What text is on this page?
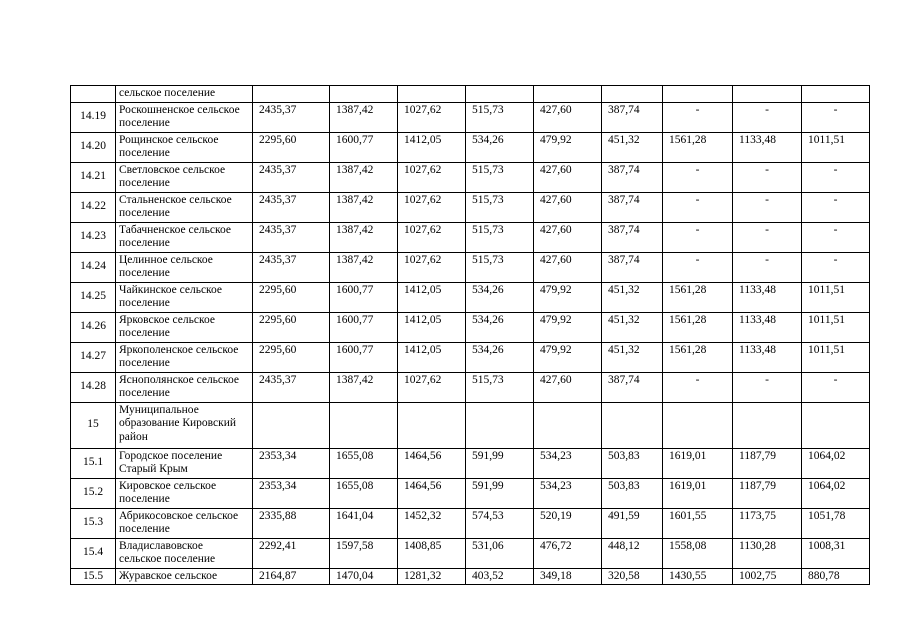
	сельское поселение									
14.19	Роскошненское сельское поселение	2435,37	1387,42	1027,62	515,73	427,60	387,74	-	-	-
14.20	Рощинское сельское поселение	2295,60	1600,77	1412,05	534,26	479,92	451,32	1561,28	1133,48	1011,51
14.21	Светловское сельское поселение	2435,37	1387,42	1027,62	515,73	427,60	387,74	-	-	-
14.22	Стальненское сельское поселение	2435,37	1387,42	1027,62	515,73	427,60	387,74	-	-	-
14.23	Табачненское сельское поселение	2435,37	1387,42	1027,62	515,73	427,60	387,74	-	-	-
14.24	Целинное сельское поселение	2435,37	1387,42	1027,62	515,73	427,60	387,74	-	-	-
14.25	Чайкинское сельское поселение	2295,60	1600,77	1412,05	534,26	479,92	451,32	1561,28	1133,48	1011,51
14.26	Ярковское сельское поселение	2295,60	1600,77	1412,05	534,26	479,92	451,32	1561,28	1133,48	1011,51
14.27	Яркополенское сельское поселение	2295,60	1600,77	1412,05	534,26	479,92	451,32	1561,28	1133,48	1011,51
14.28	Яснополянское сельское поселение	2435,37	1387,42	1027,62	515,73	427,60	387,74	-	-	-
15	Муниципальное образование Кировский район									
15.1	Городское поселение Старый Крым	2353,34	1655,08	1464,56	591,99	534,23	503,83	1619,01	1187,79	1064,02
15.2	Кировское сельское поселение	2353,34	1655,08	1464,56	591,99	534,23	503,83	1619,01	1187,79	1064,02
15.3	Абрикосовское сельское поселение	2335,88	1641,04	1452,32	574,53	520,19	491,59	1601,55	1173,75	1051,78
15.4	Владиславовское сельское поселение	2292,41	1597,58	1408,85	531,06	476,72	448,12	1558,08	1130,28	1008,31
15.5	Журавское сельское	2164,87	1470,04	1281,32	403,52	349,18	320,58	1430,55	1002,75	880,78
